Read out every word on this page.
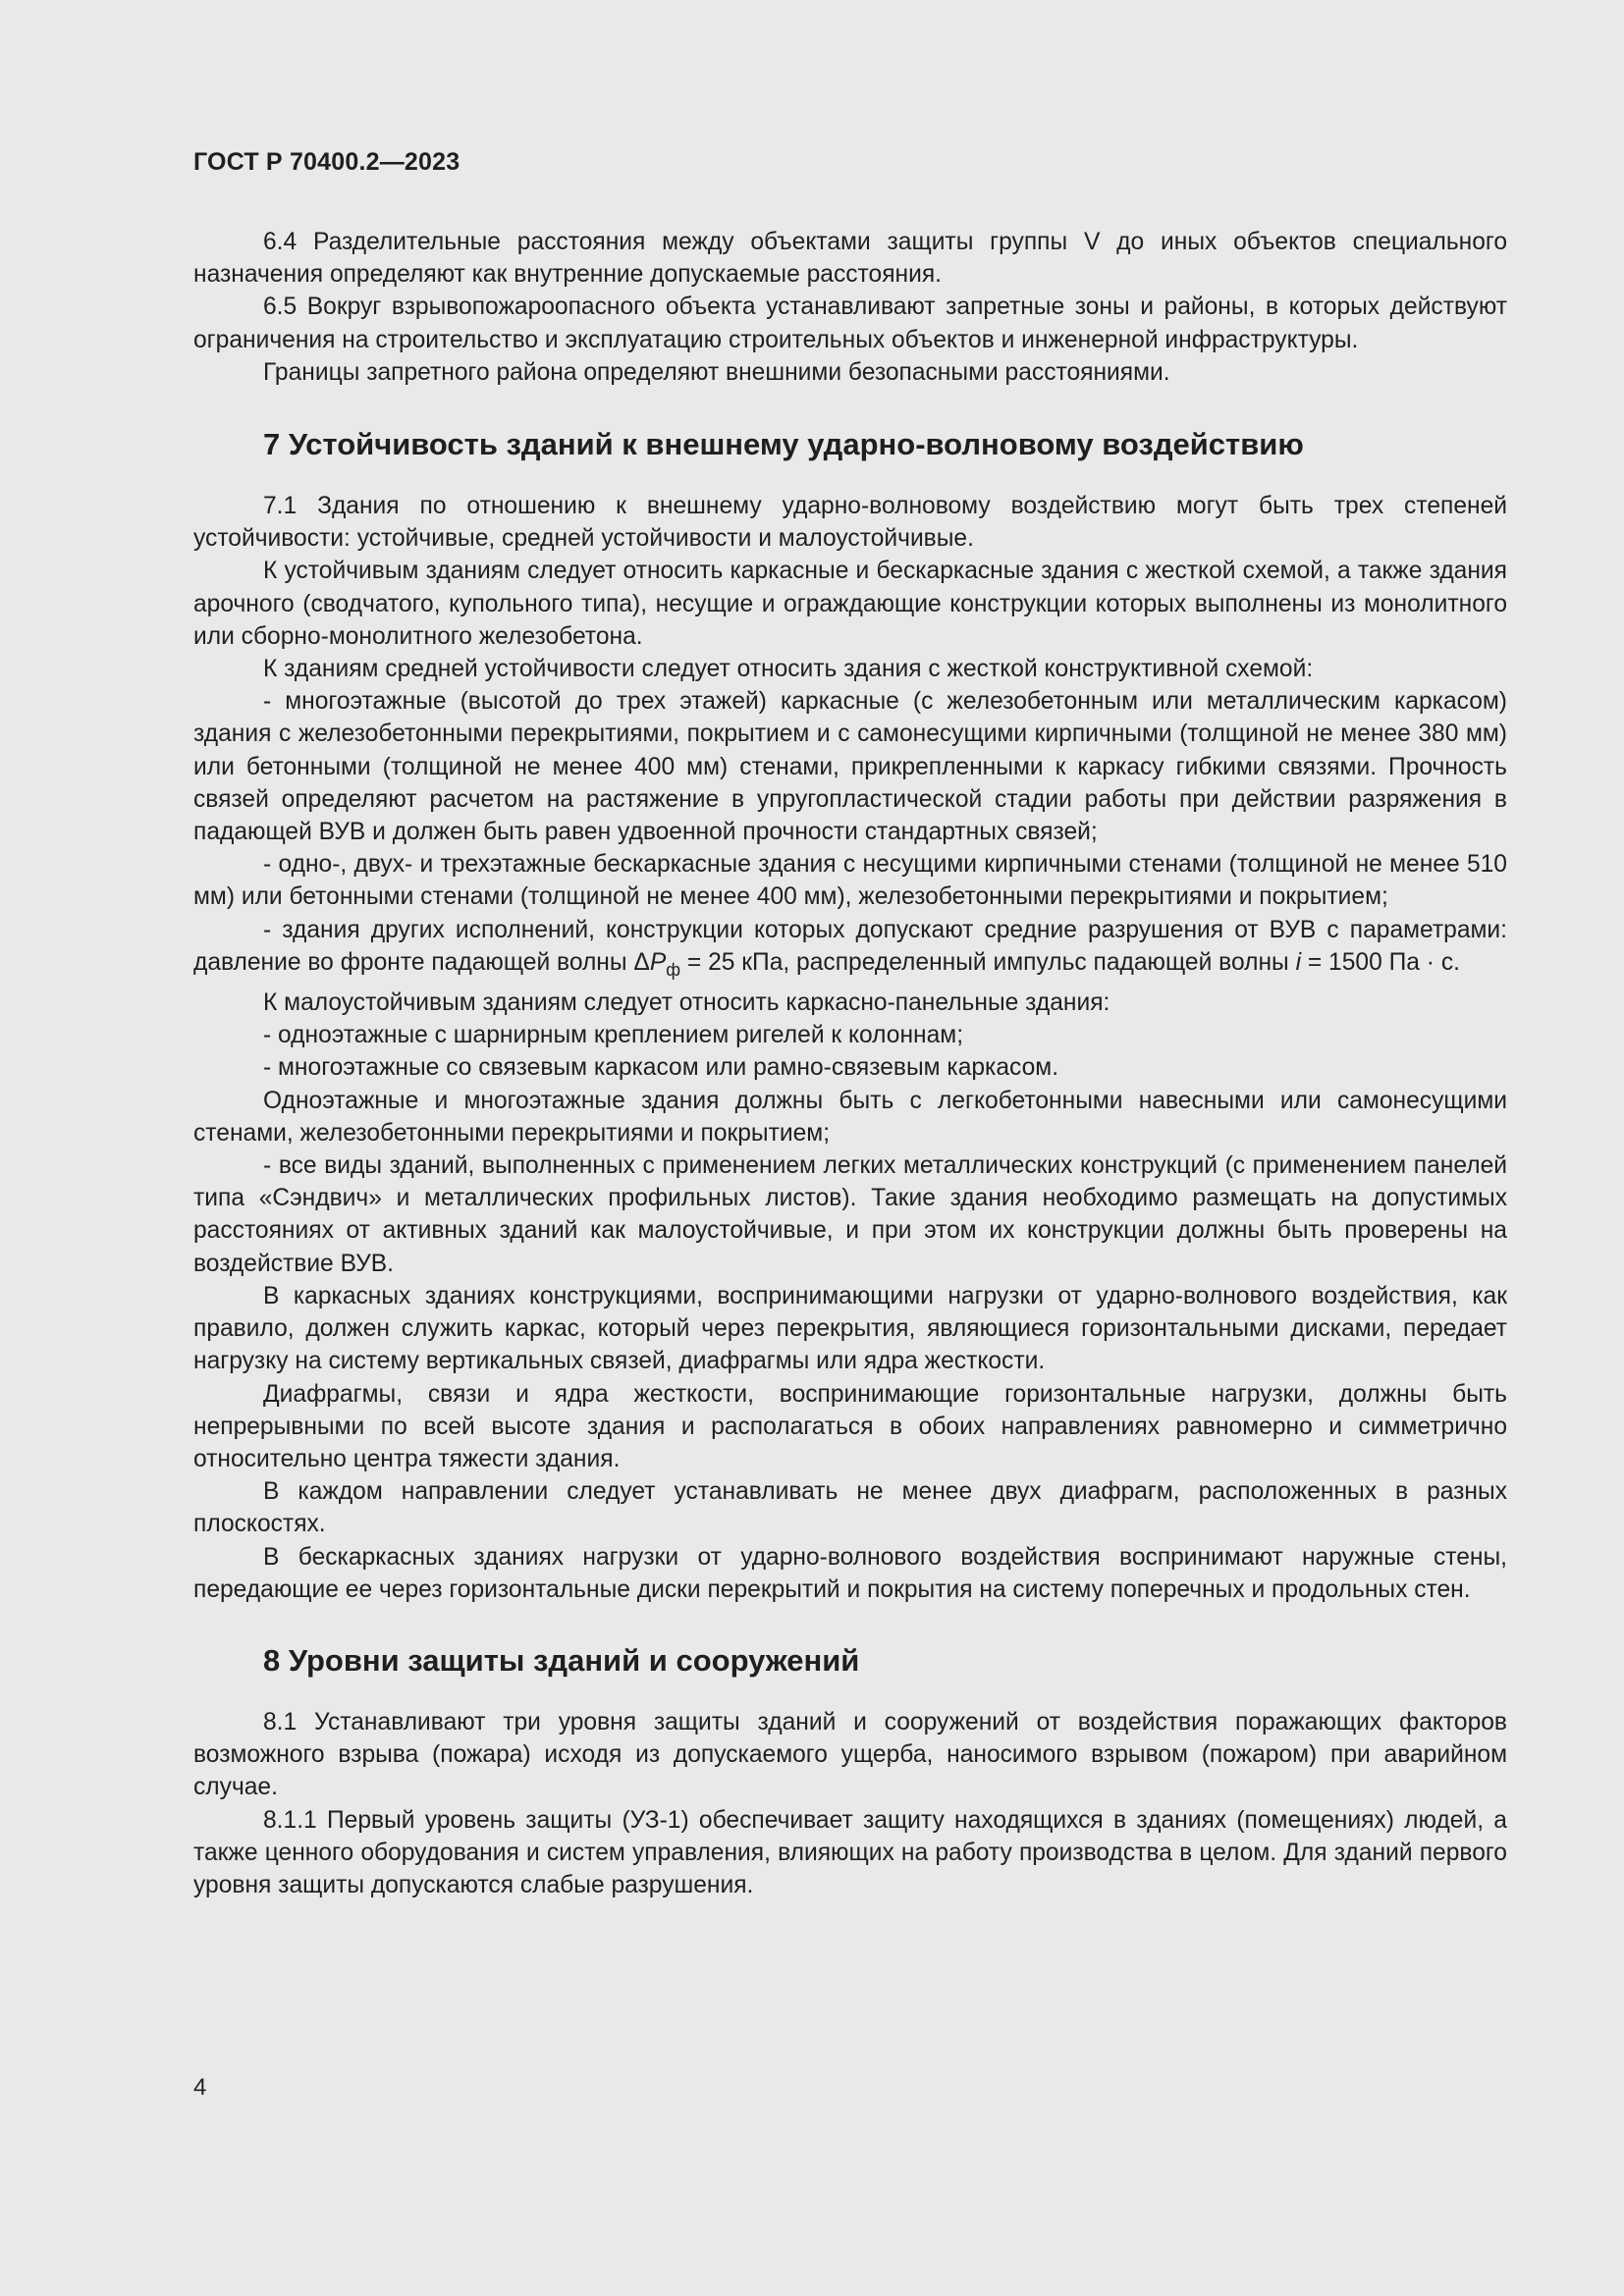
ГОСТ Р 70400.2—2023

6.4 Разделительные расстояния между объектами защиты группы V до иных объектов специального назначения определяют как внутренние допускаемые расстояния.

6.5 Вокруг взрывопожароопасного объекта устанавливают запретные зоны и районы, в которых действуют ограничения на строительство и эксплуатацию строительных объектов и инженерной инфраструктуры.

Границы запретного района определяют внешними безопасными расстояниями.

7 Устойчивость зданий к внешнему ударно-волновому воздействию

7.1 Здания по отношению к внешнему ударно-волновому воздействию могут быть трех степеней устойчивости: устойчивые, средней устойчивости и малоустойчивые.

К устойчивым зданиям следует относить каркасные и бескаркасные здания с жесткой схемой, а также здания арочного (сводчатого, купольного типа), несущие и ограждающие конструкции которых выполнены из монолитного или сборно-монолитного железобетона.

К зданиям средней устойчивости следует относить здания с жесткой конструктивной схемой:

- многоэтажные (высотой до трех этажей) каркасные (с железобетонным или металлическим каркасом) здания с железобетонными перекрытиями, покрытием и с самонесущими кирпичными (толщиной не менее 380 мм) или бетонными (толщиной не менее 400 мм) стенами, прикрепленными к каркасу гибкими связями. Прочность связей определяют расчетом на растяжение в упругопластической стадии работы при действии разряжения в падающей ВУВ и должен быть равен удвоенной прочности стандартных связей;

- одно-, двух- и трехэтажные бескаркасные здания с несущими кирпичными стенами (толщиной не менее 510 мм) или бетонными стенами (толщиной не менее 400 мм), железобетонными перекрытиями и покрытием;

- здания других исполнений, конструкции которых допускают средние разрушения от ВУВ с параметрами: давление во фронте падающей волны $\Delta P_ф = 25$ кПа, распределенный импульс падающей волны i = 1500 Па · с.

К малоустойчивым зданиям следует относить каркасно-панельные здания:

- одноэтажные с шарнирным креплением ригелей к колоннам;

- многоэтажные со связевым каркасом или рамно-связевым каркасом.

Одноэтажные и многоэтажные здания должны быть с легкобетонными навесными или самонесущими стенами, железобетонными перекрытиями и покрытием;

- все виды зданий, выполненных с применением легких металлических конструкций (с применением панелей типа «Сэндвич» и металлических профильных листов). Такие здания необходимо размещать на допустимых расстояниях от активных зданий как малоустойчивые, и при этом их конструкции должны быть проверены на воздействие ВУВ.

В каркасных зданиях конструкциями, воспринимающими нагрузки от ударно-волнового воздействия, как правило, должен служить каркас, который через перекрытия, являющиеся горизонтальными дисками, передает нагрузку на систему вертикальных связей, диафрагмы или ядра жесткости.

Диафрагмы, связи и ядра жесткости, воспринимающие горизонтальные нагрузки, должны быть непрерывными по всей высоте здания и располагаться в обоих направлениях равномерно и симметрично относительно центра тяжести здания.

В каждом направлении следует устанавливать не менее двух диафрагм, расположенных в разных плоскостях.

В бескаркасных зданиях нагрузки от ударно-волнового воздействия воспринимают наружные стены, передающие ее через горизонтальные диски перекрытий и покрытия на систему поперечных и продольных стен.

8 Уровни защиты зданий и сооружений

8.1 Устанавливают три уровня защиты зданий и сооружений от воздействия поражающих факторов возможного взрыва (пожара) исходя из допускаемого ущерба, наносимого взрывом (пожаром) при аварийном случае.

8.1.1 Первый уровень защиты (УЗ-1) обеспечивает защиту находящихся в зданиях (помещениях) людей, а также ценного оборудования и систем управления, влияющих на работу производства в целом. Для зданий первого уровня защиты допускаются слабые разрушения.

4
